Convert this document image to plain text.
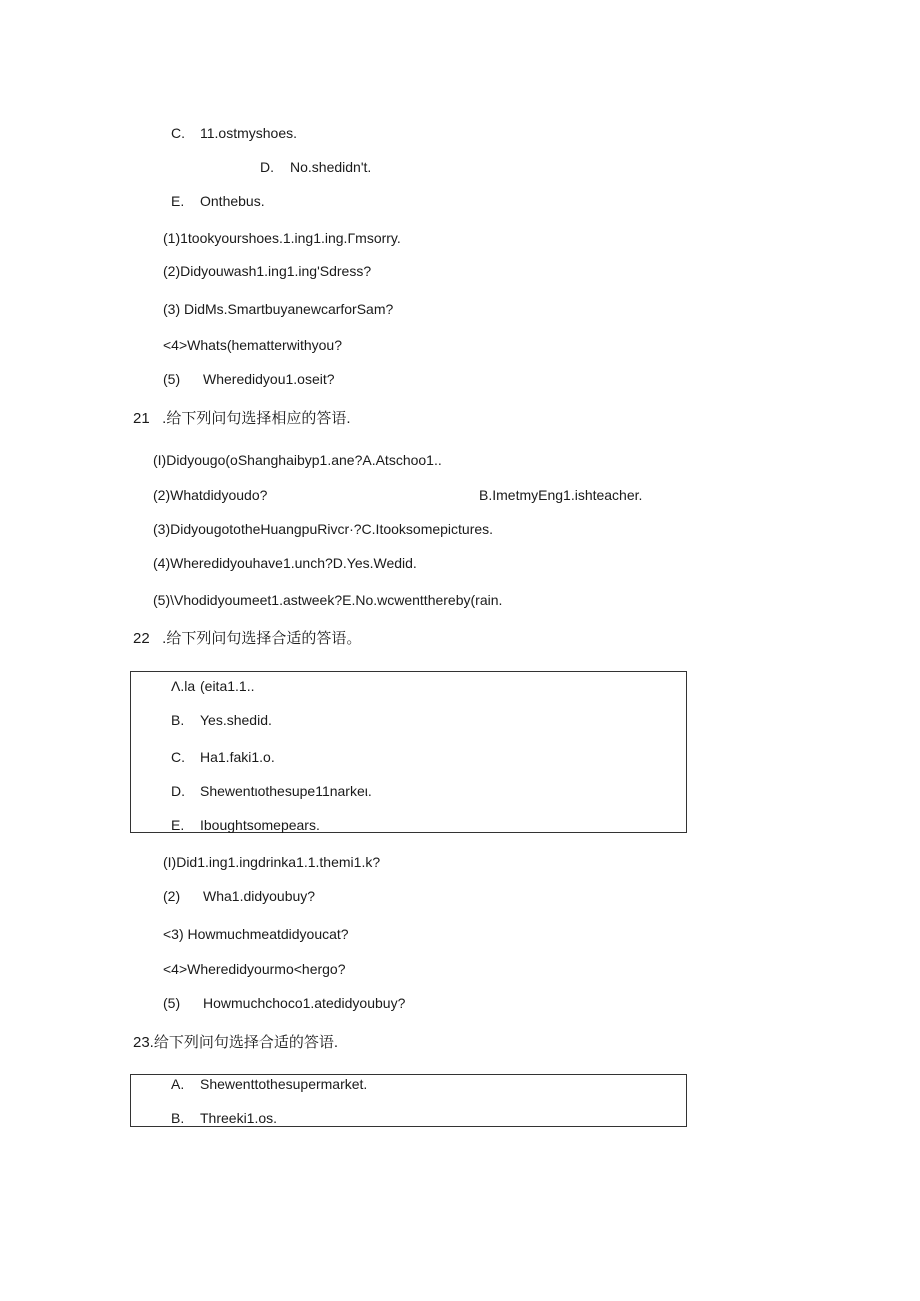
C. 11.ostmyshoes.
D. No.shedidn't.
E. Onthebus.
(1)1tookyourshoes.1.ing1.ing.Γmsorry.
(2)Didyouwash1.ing1.ing'Sdress?
(3) DidMs.SmartbuyanewcarforSam?
<4>Whats(hematterwithyou?
(5) Wheredidyou1.oseit?
21   .给下列问句选择相应的答语.
(I)Didyougo(oShanghaibyp1.ane?A.Atschoo1..
(2)Whatdidyoudo?	B.ImetmyEng1.ishteacher.
(3)DidyougototheHuangpuRivcr·?C.Itooksomepictures.
(4)Wheredidyouhave1.unch?D.Yes.Wedid.
(5)\Vhodidyoumeet1.astweek?E.No.wcwenttherebу(rain.
22   .给下列问句选择合适的答语。
Λ.la (eita1.1..
B. Yes.shedid.
C. Ha1.faki1.o.
D. Shewentιothesupe11narkeι.
E. Iboughtsomepears.
(I)Did1.ing1.ingdrinka1.1.themi1.k?
(2) Wha1.didyoubuy?
<3) Howmuchmeatdidyoucat?
<4>Wheredidyourmo<hergo?
(5) Howmuchchoco1.atedidyoubuy?
23.给下列问句选择合适的答语.
A. Shewenttothesupermarket.
B. Threeki1.os.
